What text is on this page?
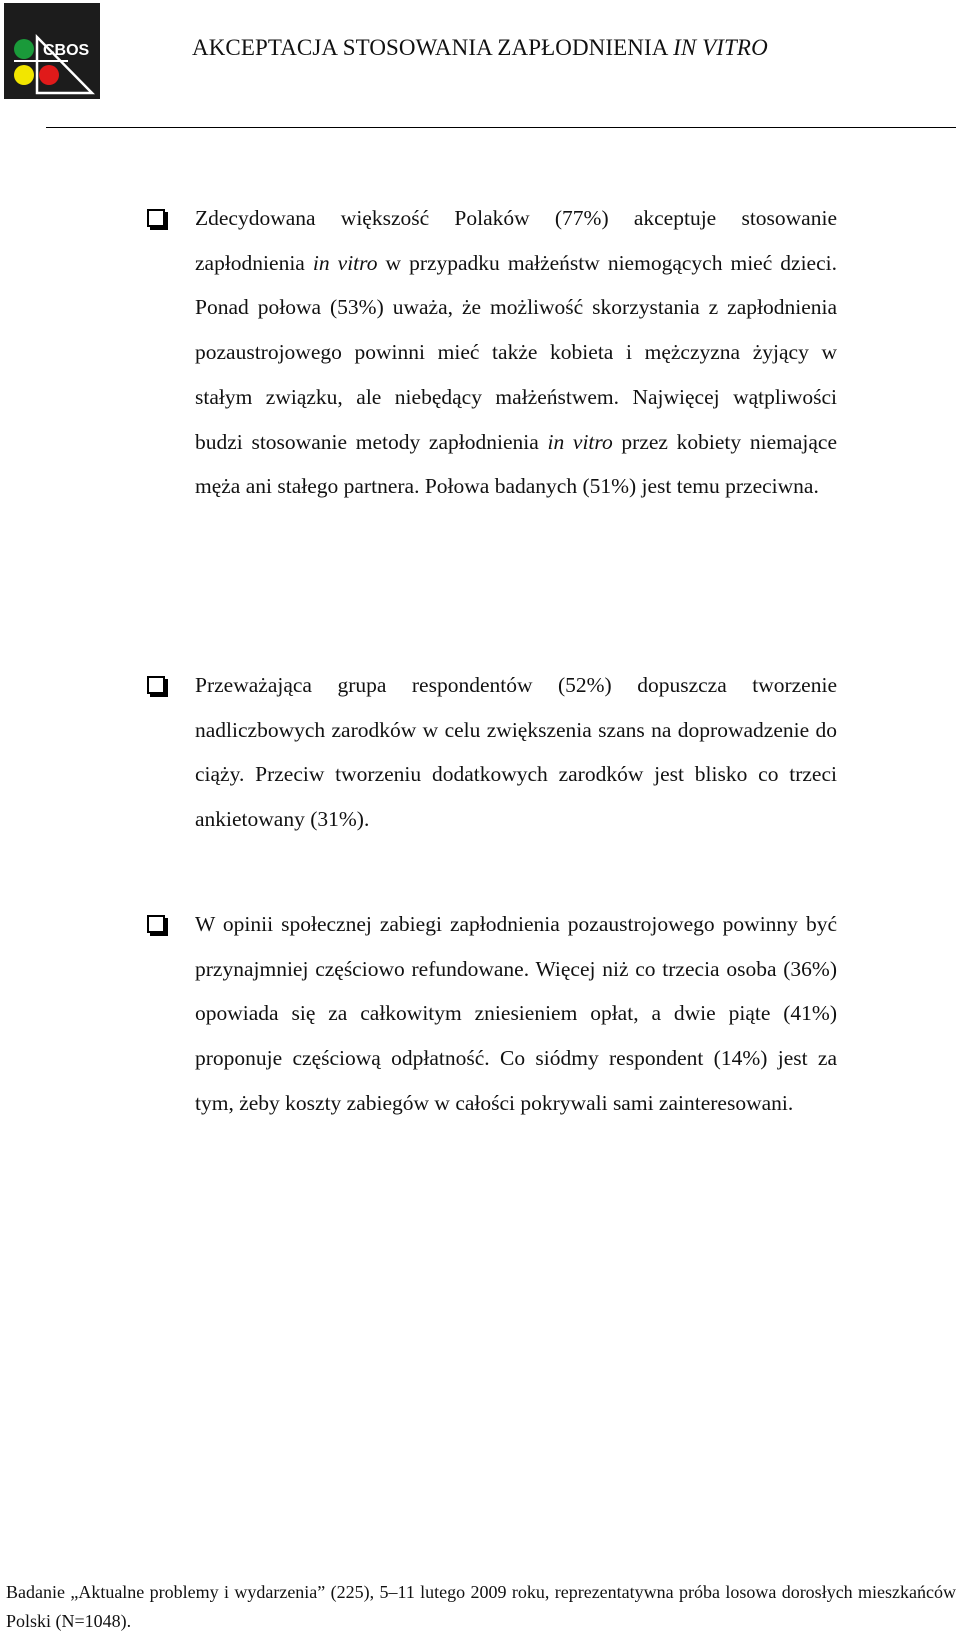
CBOS	AKCEPTACJA STOSOWANIA ZAPŁODNIENIA IN VITRO
Zdecydowana większość Polaków (77%) akceptuje stosowanie zapłodnienia in vitro w przypadku małżeństw niemogących mieć dzieci. Ponad połowa (53%) uważa, że możliwość skorzystania z zapłodnienia pozaustrojowego powinni mieć także kobieta i mężczyzna żyjący w stałym związku, ale niebędący małżeństwem. Najwięcej wątpliwości budzi stosowanie metody zapłodnienia in vitro przez kobiety niemające męża ani stałego partnera. Połowa badanych (51%) jest temu przeciwna.
Przeważająca grupa respondentów (52%) dopuszcza tworzenie nadliczbowych zarodków w celu zwiększenia szans na doprowadzenie do ciąży. Przeciw tworzeniu dodatkowych zarodków jest blisko co trzeci ankietowany (31%).
W opinii społecznej zabiegi zapłodnienia pozaustrojowego powinny być przynajmniej częściowo refundowane. Więcej niż co trzecia osoba (36%) opowiada się za całkowitym zniesieniem opłat, a dwie piąte (41%) proponuje częściową odpłatność. Co siódmy respondent (14%) jest za tym, żeby koszty zabiegów w całości pokrywali sami zainteresowani.
Badanie „Aktualne problemy i wydarzenia” (225), 5–11 lutego 2009 roku, reprezentatywna próba losowa dorosłych mieszkańców Polski (N=1048).
